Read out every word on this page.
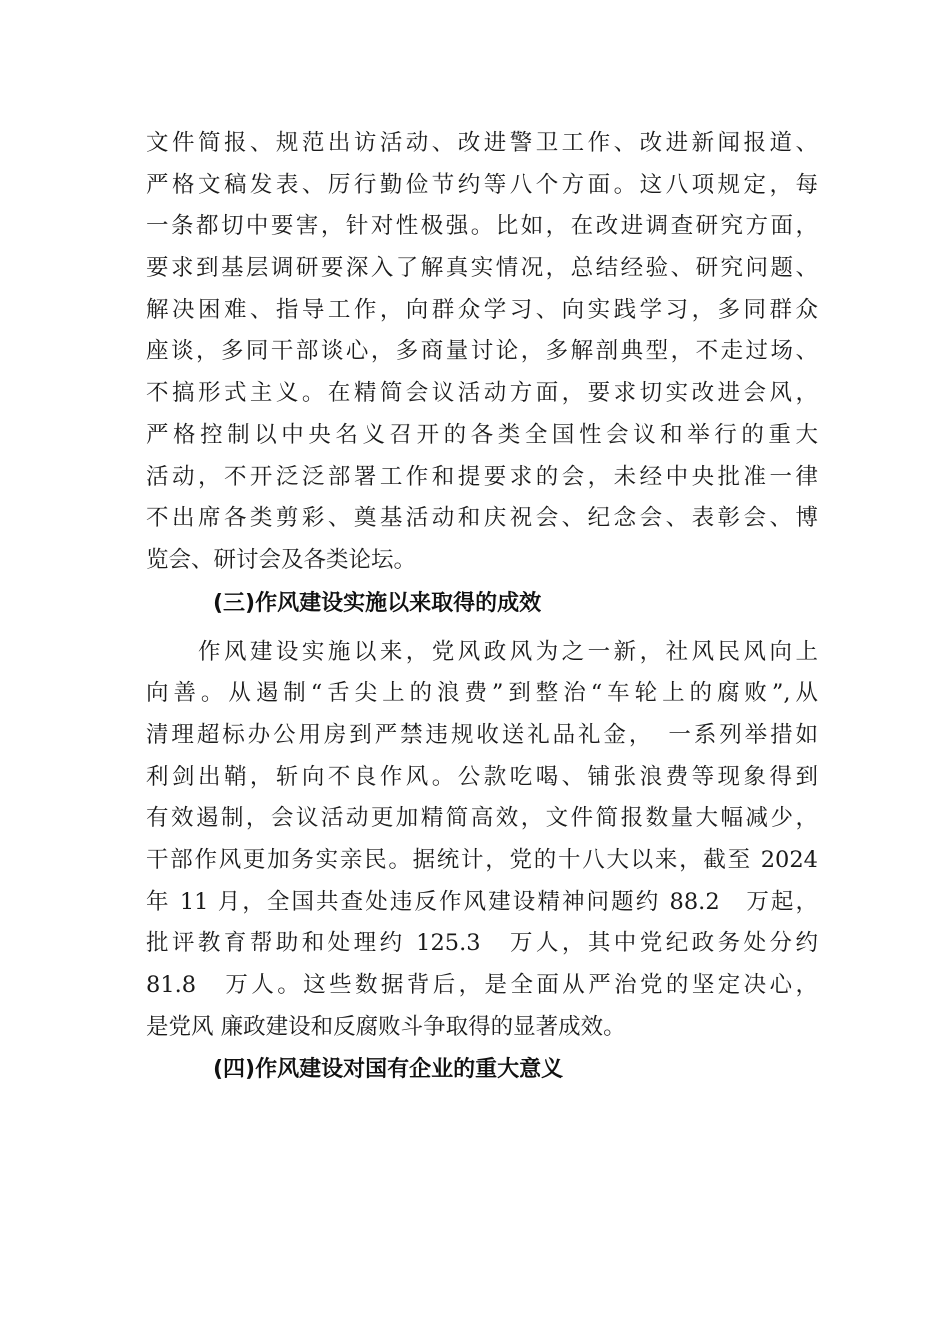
文件简报、规范出访活动、改进警卫工作、改进新闻报道、
严格文稿发表、厉行勤俭节约等八个方面。这八项规定，每
一条都切中要害，针对性极强。比如，在改进调查研究方面，
要求到基层调研要深入了解真实情况，总结经验、研究问题、
解决困难、指导工作，向群众学习、向实践学习，多同群众
座谈，多同干部谈心，多商量讨论，多解剖典型，不走过场、
不搞形式主义。在精简会议活动方面，要求切实改进会风，
严格控制以中央名义召开的各类全国性会议和举行的重大
活动，不开泛泛部署工作和提要求的会，未经中央批准一律
不出席各类剪彩、奠基活动和庆祝会、纪念会、表彰会、博
览会、研讨会及各类论坛。
(三)作风建设实施以来取得的成效
　　作风建设实施以来，党风政风为之一新，社风民风向上
向善。从遏制“舌尖上的浪费”到整治“车轮上的腐败”,从
清理超标办公用房到严禁违规收送礼品礼金，　一系列举措如
利剑出鞘，斩向不良作风。公款吃喝、铺张浪费等现象得到
有效遏制，会议活动更加精简高效，文件简报数量大幅减少，
干部作风更加务实亲民。据统计，党的十八大以来，截至 2024
年 11 月，全国共查处违反作风建设精神问题约 88.2　万起，
批评教育帮助和处理约 125.3　万人，其中党纪政务处分约
81.8　万人。这些数据背后，是全面从严治党的坚定决心，
是党风 廉政建设和反腐败斗争取得的显著成效。
(四)作风建设对国有企业的重大意义
